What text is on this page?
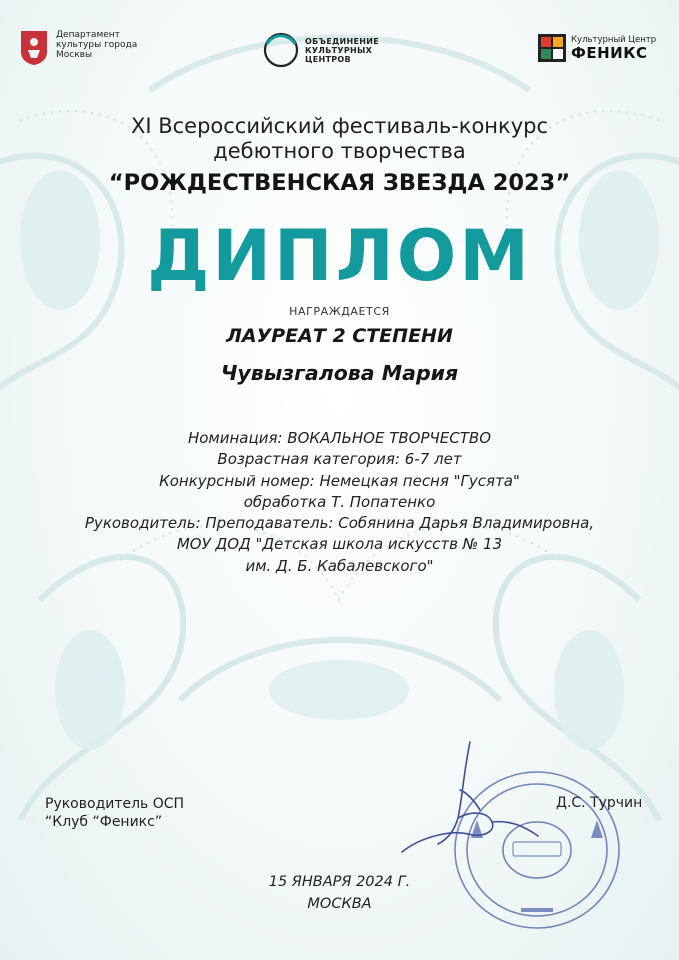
Департамент культуры города Москвы
ОБЪЕДИНЕНИЕ КУЛЬТУРНЫХ ЦЕНТРОВ
Культурный Центр
ФЕНИКС
XI Всероссийский фестиваль-конкурс
дебютного творчества
“РОЖДЕСТВЕНСКАЯ ЗВЕЗДА 2023”
ДИПЛОМ
НАГРАЖДАЕТСЯ
ЛАУРЕАТ 2 СТЕПЕНИ
Чувызгалова Мария
Номинация: ВОКАЛЬНОЕ ТВОРЧЕСТВО
Возрастная категория: 6-7 лет
Конкурсный номер: Немецкая песня "Гусята"
обработка Т. Попатенко
Руководитель: Преподаватель: Собянина Дарья Владимировна,
МОУ ДОД "Детская школа искусств № 13
им. Д. Б. Кабалевского"
Руководитель ОСП
“Клуб “Феникс”
Д.С. Турчин
15 ЯНВАРЯ 2024 Г.
МОСКВА
